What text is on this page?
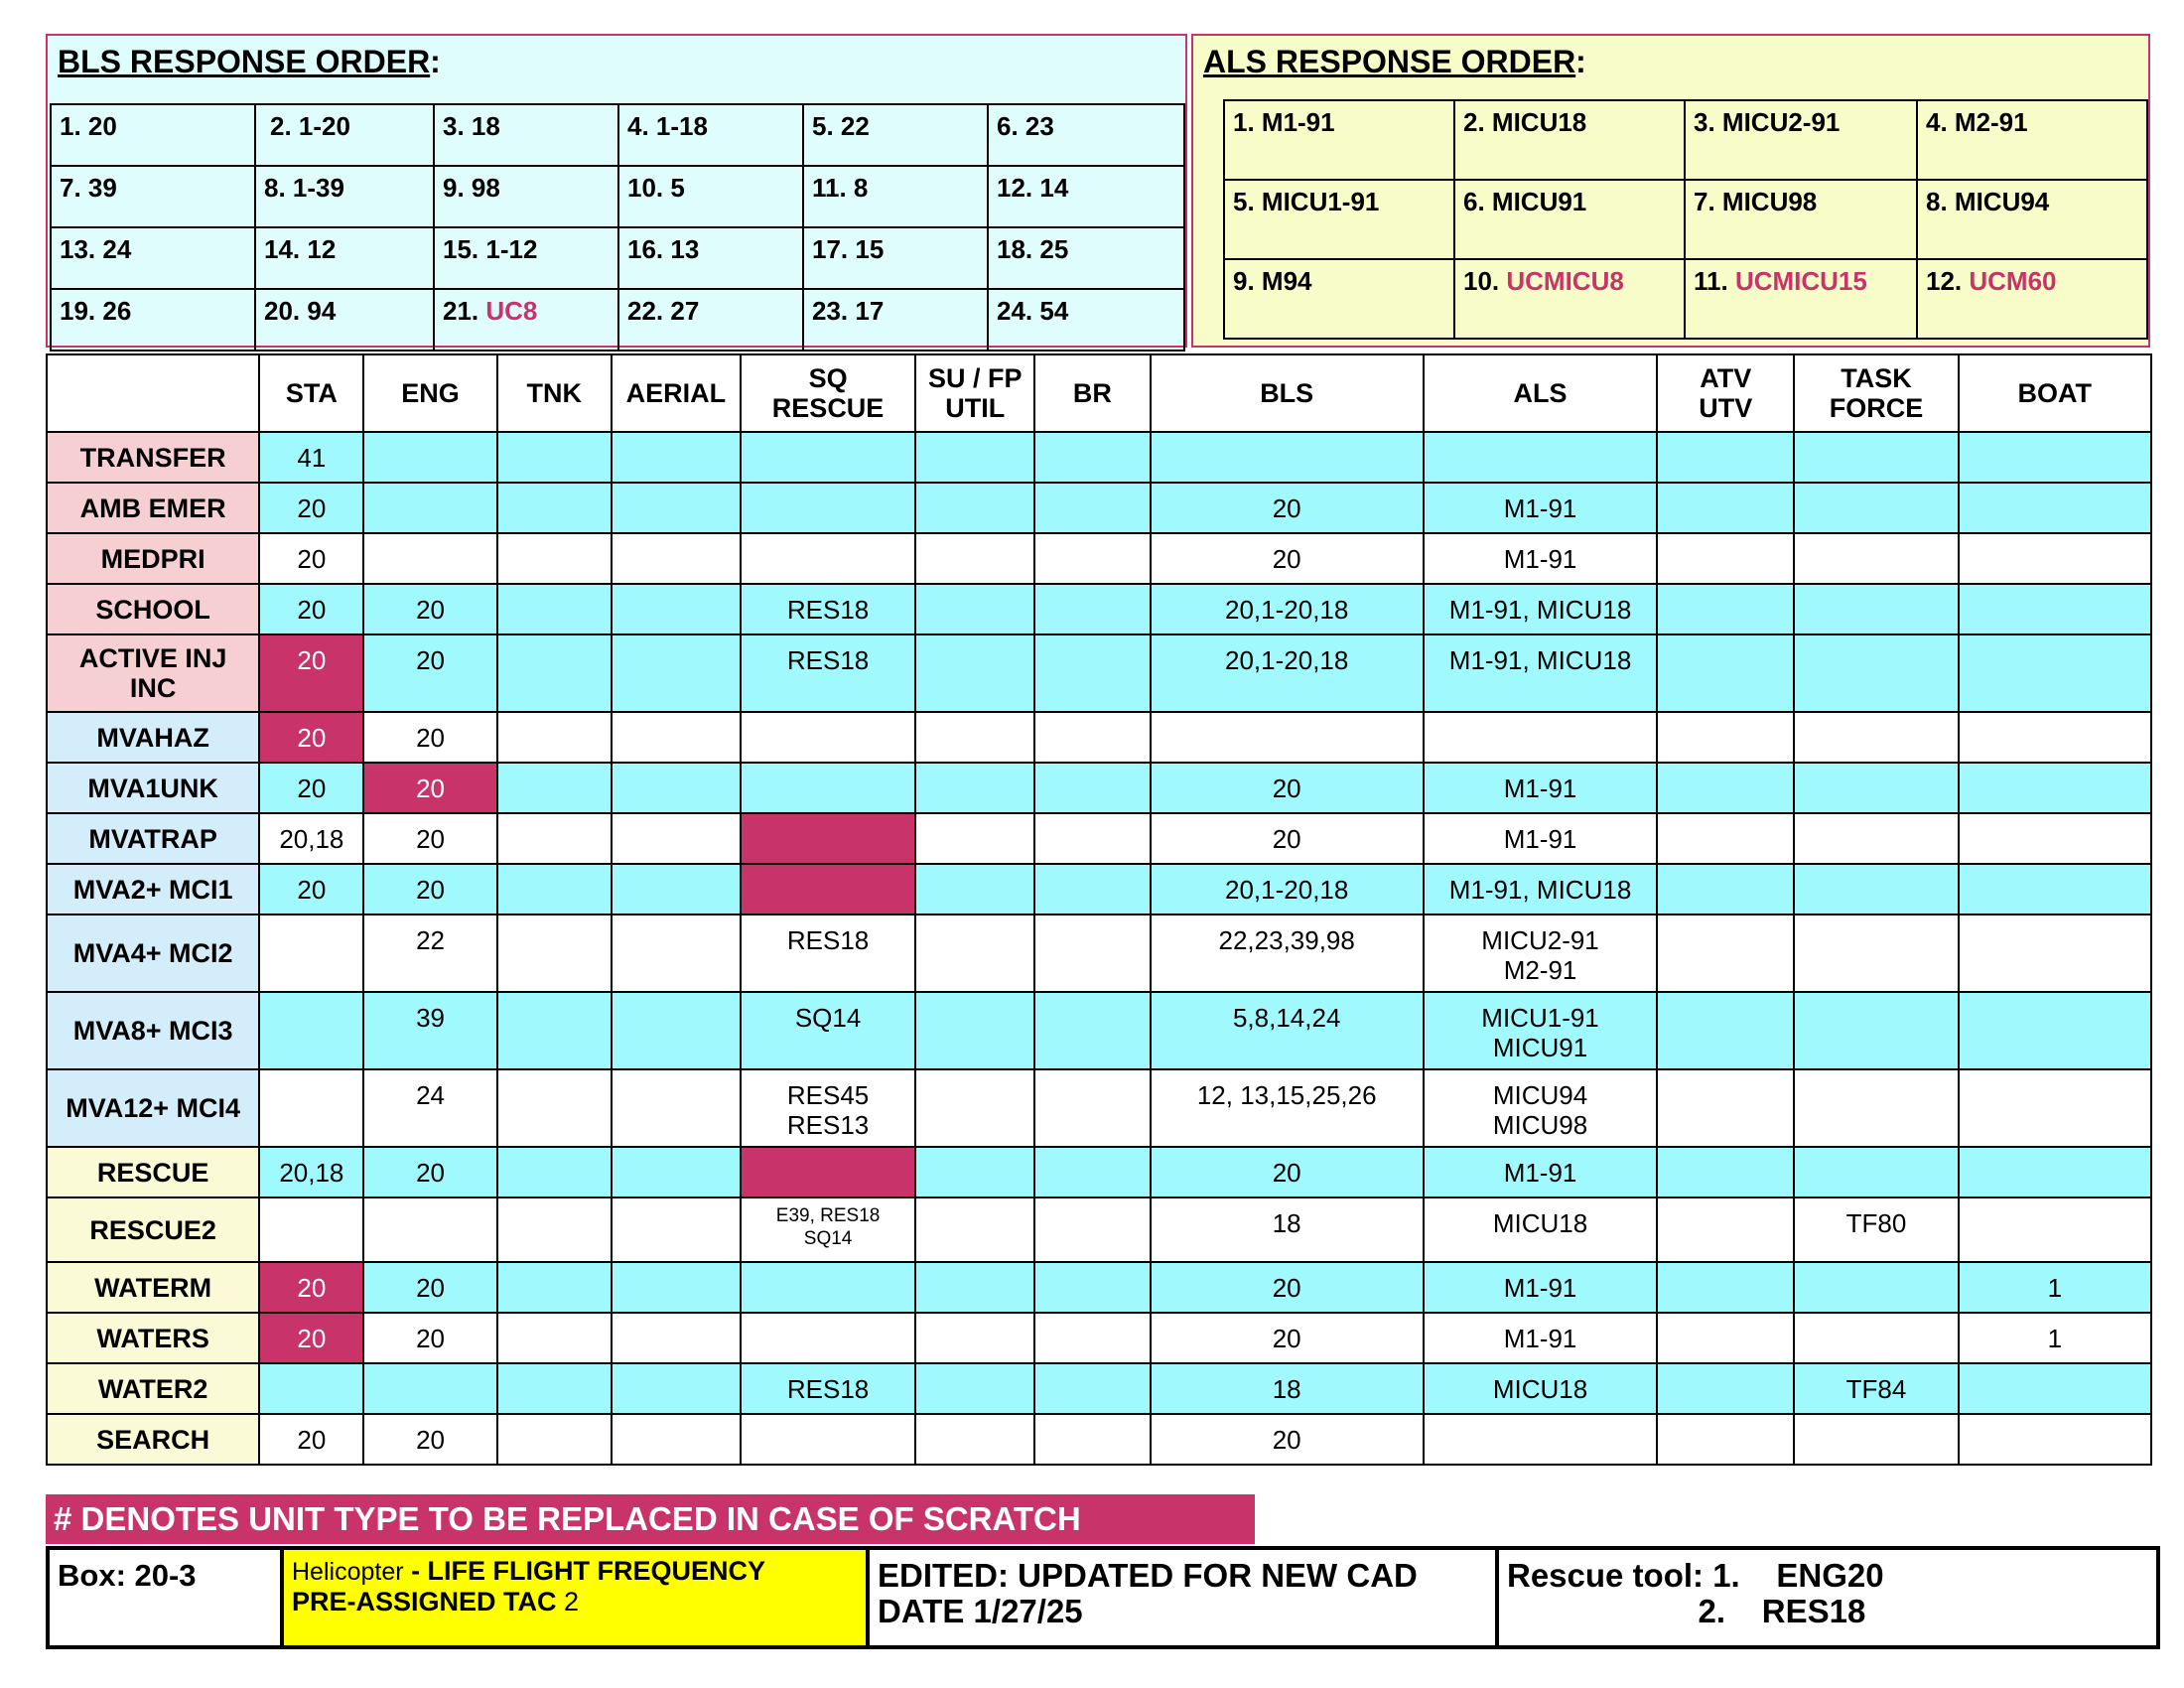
BLS RESPONSE ORDER:
1. 20	2. 1-20	3. 18	4. 1-18	5. 22	6. 23
7. 39	8. 1-39	9. 98	10. 5	11. 8	12. 14
13. 24	14. 12	15. 1-12	16. 13	17. 15	18. 25
19. 26	20. 94	21. UC8	22. 27	23. 17	24. 54
ALS RESPONSE ORDER:
1. M1-91	2. MICU18	3. MICU2-91	4. M2-91
5. MICU1-91	6. MICU91	7. MICU98	8. MICU94
9. M94	10. UCMICU8	11. UCMICU15	12. UCM60
	STA	ENG	TNK	AERIAL	SQ
RESCUE	SU / FP
UTIL	BR	BLS	ALS	ATV
UTV	TASK
FORCE	BOAT
TRANSFER	41											
AMB EMER	20							20	M1-91			
MEDPRI	20							20	M1-91			
SCHOOL	20	20			RES18			20,1-20,18	M1-91, MICU18			
ACTIVE INJ
INC	20	20			RES18			20,1-20,18	M1-91, MICU18			
MVAHAZ	20	20										
MVA1UNK	20	20						20	M1-91			
MVATRAP	20,18	20						20	M1-91			
MVA2+ MCI1	20	20						20,1-20,18	M1-91, MICU18			
MVA4+ MCI2		22			RES18			22,23,39,98	MICU2-91
M2-91			
MVA8+ MCI3		39			SQ14			5,8,14,24	MICU1-91
MICU91			
MVA12+ MCI4		24			RES45
RES13			12, 13,15,25,26	MICU94
MICU98			
RESCUE	20,18	20						20	M1-91			
RESCUE2					E39, RES18
SQ14			18	MICU18		TF80	
WATERM	20	20						20	M1-91			1
WATERS	20	20						20	M1-91			1
WATER2					RES18			18	MICU18		TF84	
SEARCH	20	20						20				
# DENOTES UNIT TYPE TO BE REPLACED IN CASE OF SCRATCH
Box: 20-3	Helicopter - LIFE FLIGHT FREQUENCY
PRE-ASSIGNED TAC 2	
EDITED: UPDATED FOR NEW CAD
DATE 1/27/25

Rescue tool: 1.    ENG20
2.    RES18
